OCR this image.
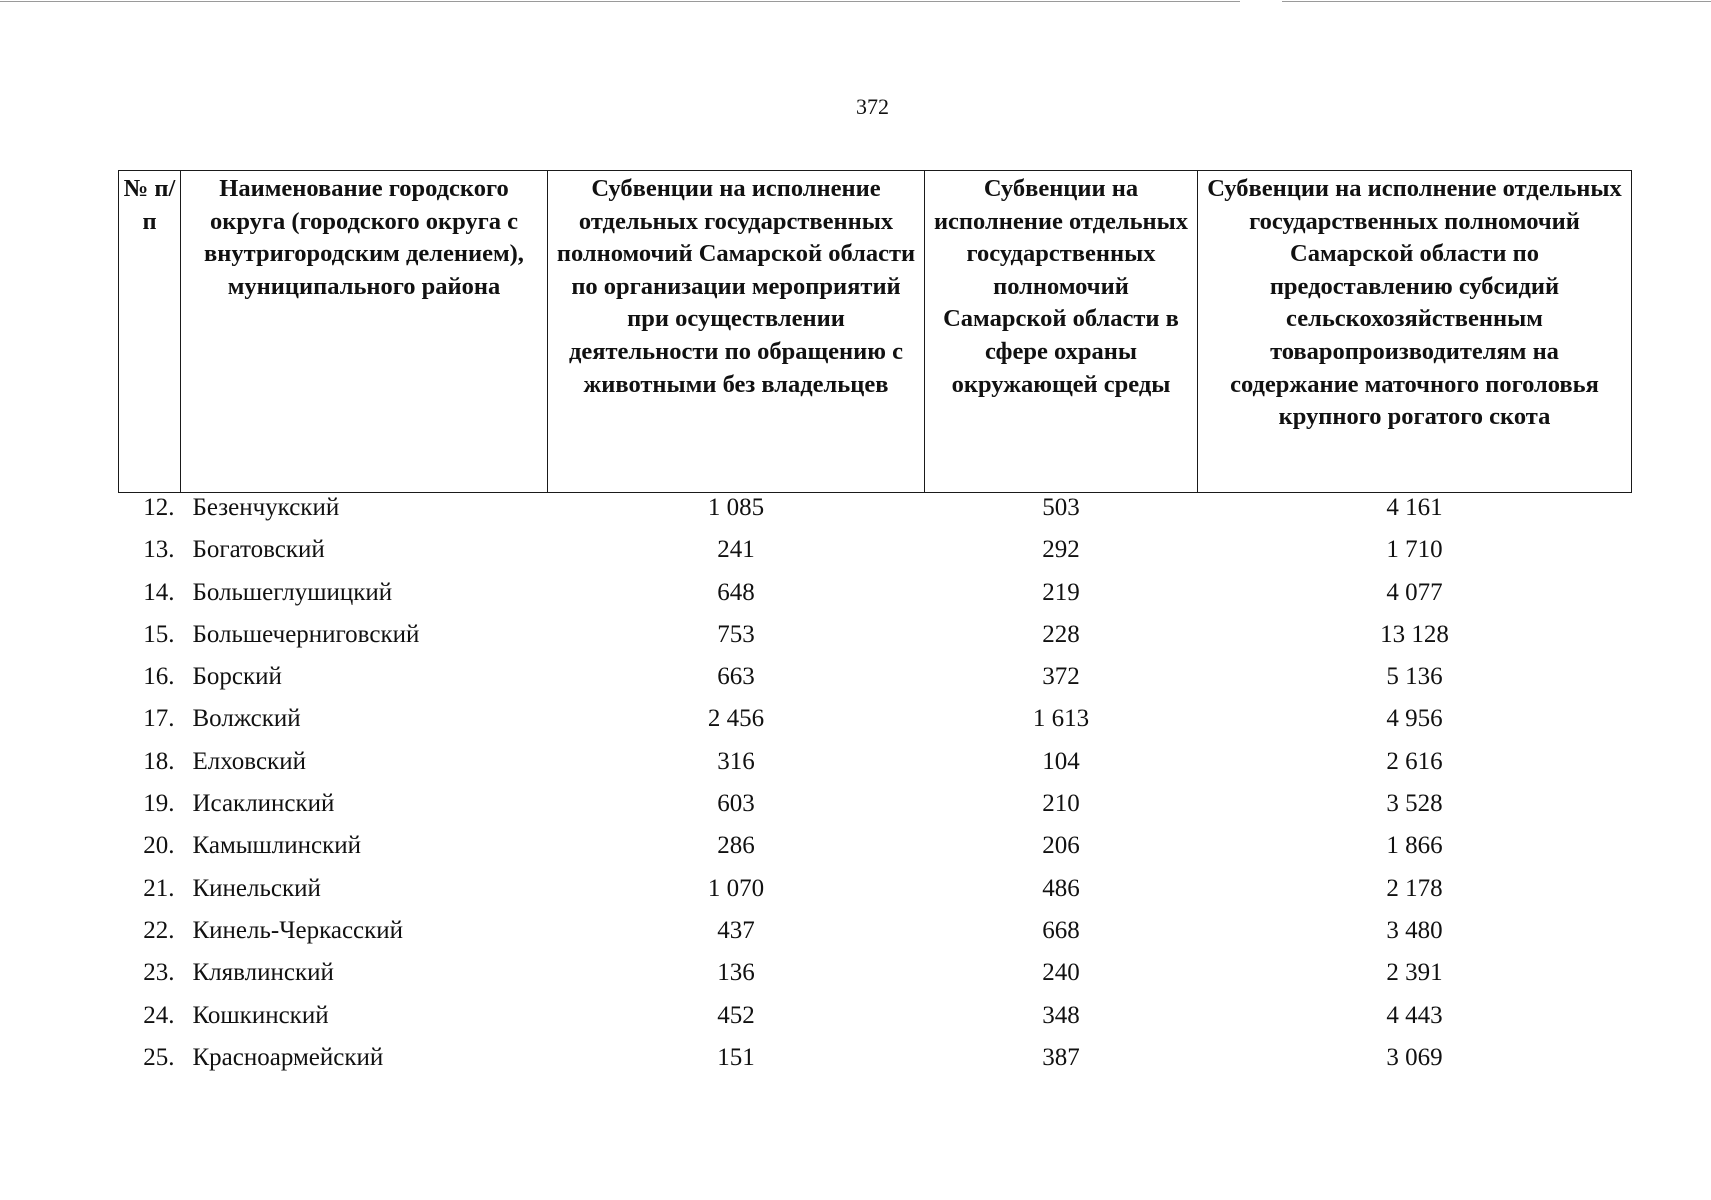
372
№ п/п	Наименование городского округа (городского округа с внутригородским делением), муниципального района	Субвенции на исполнение отдельных государственных полномочий Самарской области по организации мероприятий при осуществлении деятельности по обращению с животными без владельцев	Субвенции на исполнение отдельных государственных полномочий Самарской области в сфере охраны окружающей среды	Субвенции на исполнение отдельных государственных полномочий Самарской области по предоставлению субсидий сельскохозяйственным товаропроизводителям на содержание маточного поголовья крупного рогатого скота
12.	Безенчукский	1 085	503	4 161
13.	Богатовский	241	292	1 710
14.	Большеглушицкий	648	219	4 077
15.	Большечерниговский	753	228	13 128
16.	Борский	663	372	5 136
17.	Волжский	2 456	1 613	4 956
18.	Елховский	316	104	2 616
19.	Исаклинский	603	210	3 528
20.	Камышлинский	286	206	1 866
21.	Кинельский	1 070	486	2 178
22.	Кинель-Черкасский	437	668	3 480
23.	Клявлинский	136	240	2 391
24.	Кошкинский	452	348	4 443
25.	Красноармейский	151	387	3 069
